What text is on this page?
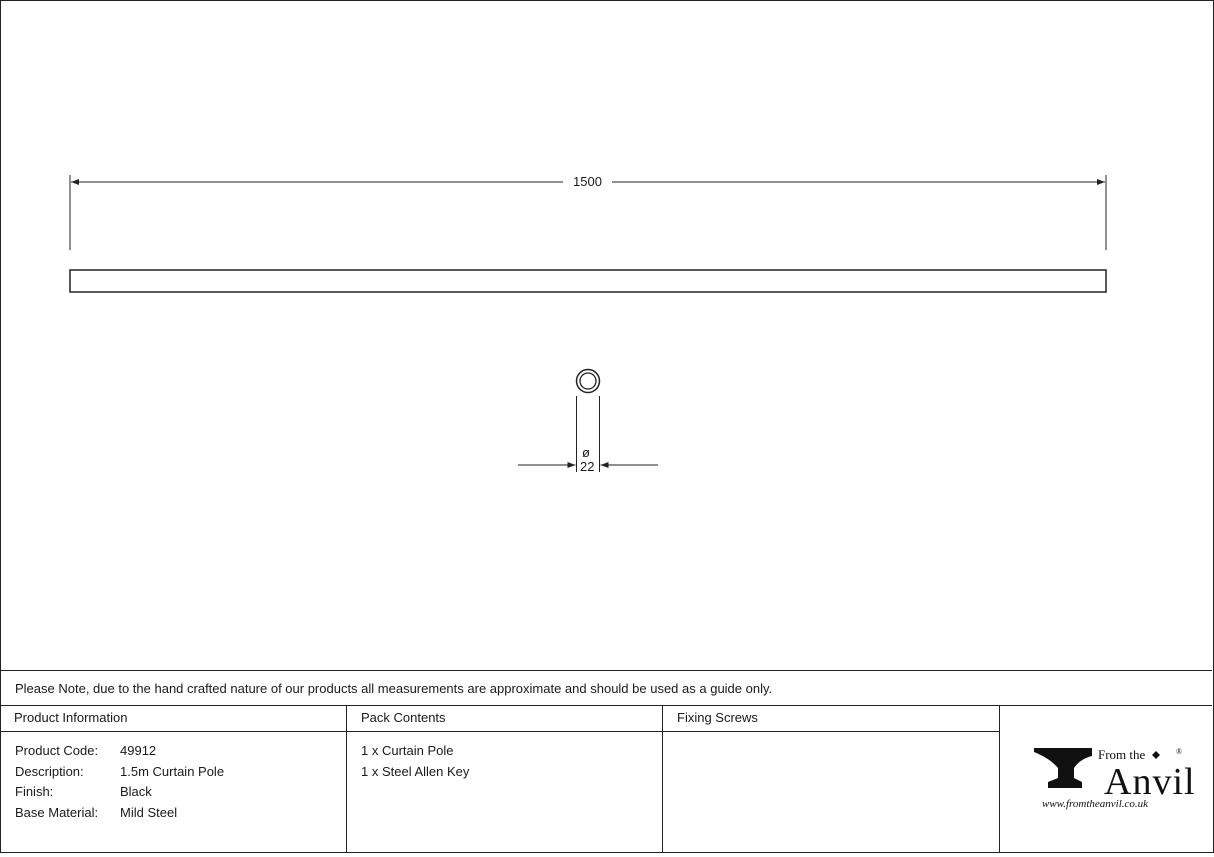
1500
ø
22
Please Note, due to the hand crafted nature of our products all measurements are approximate and should be used as a guide only.
Product Information
Product Code:	49912
Description:	1.5m Curtain Pole
Finish:	Black
Base Material:	Mild Steel
Pack Contents
1 x Curtain Pole
1 x Steel Allen Key
Fixing Screws
From the	®
Anvil
www.fromtheanvil.co.uk
